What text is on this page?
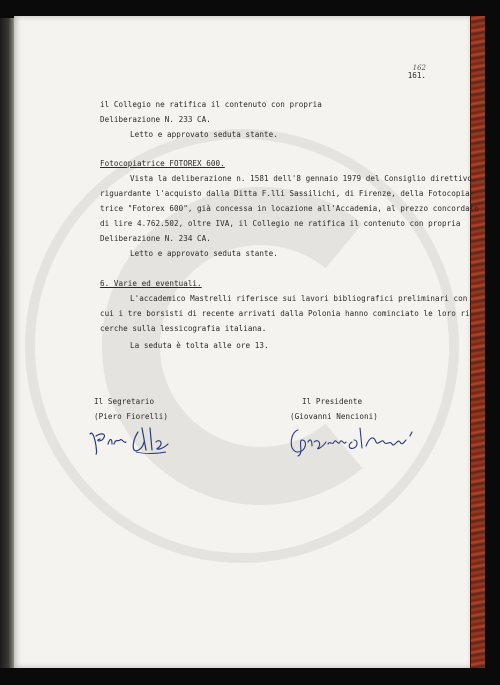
162
161.
il Collegio ne ratifica il contenuto con propria
Deliberazione N. 233 CA.
Letto e approvato seduta stante.
Fotocopiatrice FOTOREX 600.
Vista la deliberazione n. 1581 dell'8 gennaio 1979 del Consiglio direttivo,
riguardante l'acquisto dalla Ditta F.lli Sassilichi, di Firenze, della Fotocopia-
trice "Fotorex 600", già concessa in locazione all'Accademia, al prezzo concordato
di lire 4.762.502, oltre IVA, il Collegio ne ratifica il contenuto con propria
Deliberazione N. 234 CA.
Letto e approvato seduta stante.
6. Varie ed eventuali.
L'accademico Mastrelli riferisce sui lavori bibliografici preliminari con
cui i tre borsisti di recente arrivati dalla Polonia hanno cominciato le loro ri-
cerche sulla lessicografia italiana.
La seduta è tolta alle ore 13.
Il Segretario
(Piero Fiorelli)
Il Presidente
(Giovanni Nencioni)
